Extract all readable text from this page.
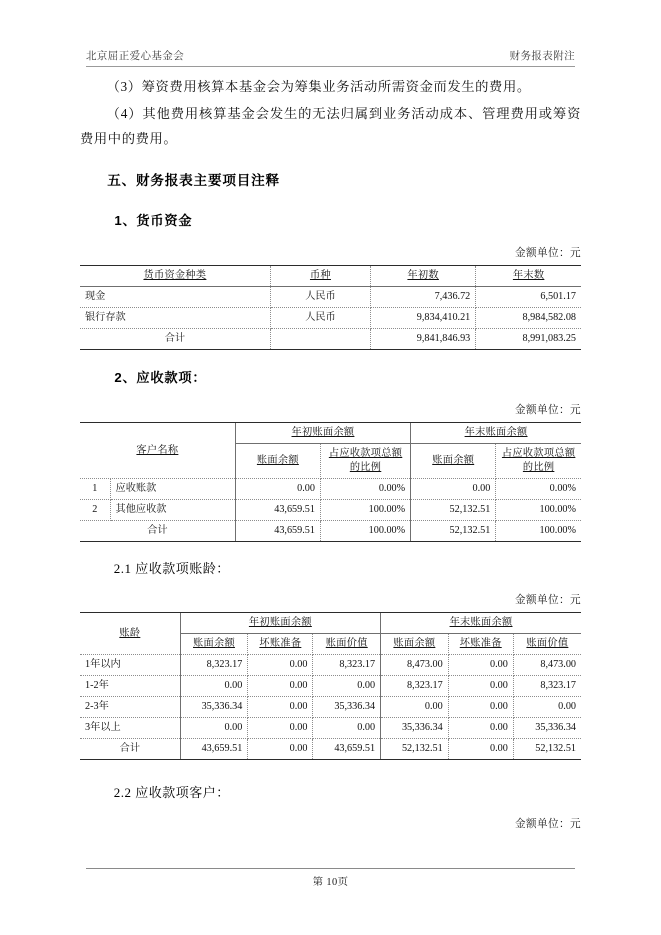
北京屈正爱心基金会	财务报表附注

（3）筹资费用核算本基金会为筹集业务活动所需资金而发生的费用。

（4）其他费用核算基金会发生的无法归属到业务活动成本、管理费用或筹资费用中的费用。

五、财务报表主要项目注释
1、货币资金
金额单位：元
货币资金种类	币种	年初数	年末数
现金	人民币	7,436.72	6,501.17
银行存款	人民币	9,834,410.21	8,984,582.08
合计		9,841,846.93	8,991,083.25
2、应收款项：
金额单位：元
客户名称		年初账面余额		年末账面余额	
		账面余额	占应收款项总额的比例	账面余额	占应收款项总额的比例
1	应收账款	0.00	0.00%	0.00	0.00%
2	其他应收款	43,659.51	100.00%	52,132.51	100.00%
合计		43,659.51	100.00%	52,132.51	100.00%
2.1 应收款项账龄：
金额单位：元
账龄	年初账面余额			年末账面余额		
	账面余额	坏账准备	账面价值	账面余额	坏账准备	账面价值
1年以内	8,323.17	0.00	8,323.17	8,473.00	0.00	8,473.00
1-2年	0.00	0.00	0.00	8,323.17	0.00	8,323.17
2-3年	35,336.34	0.00	35,336.34	0.00	0.00	0.00
3年以上	0.00	0.00	0.00	35,336.34	0.00	35,336.34
合计	43,659.51	0.00	43,659.51	52,132.51	0.00	52,132.51
2.2 应收款项客户：
金额单位：元
第 10页
